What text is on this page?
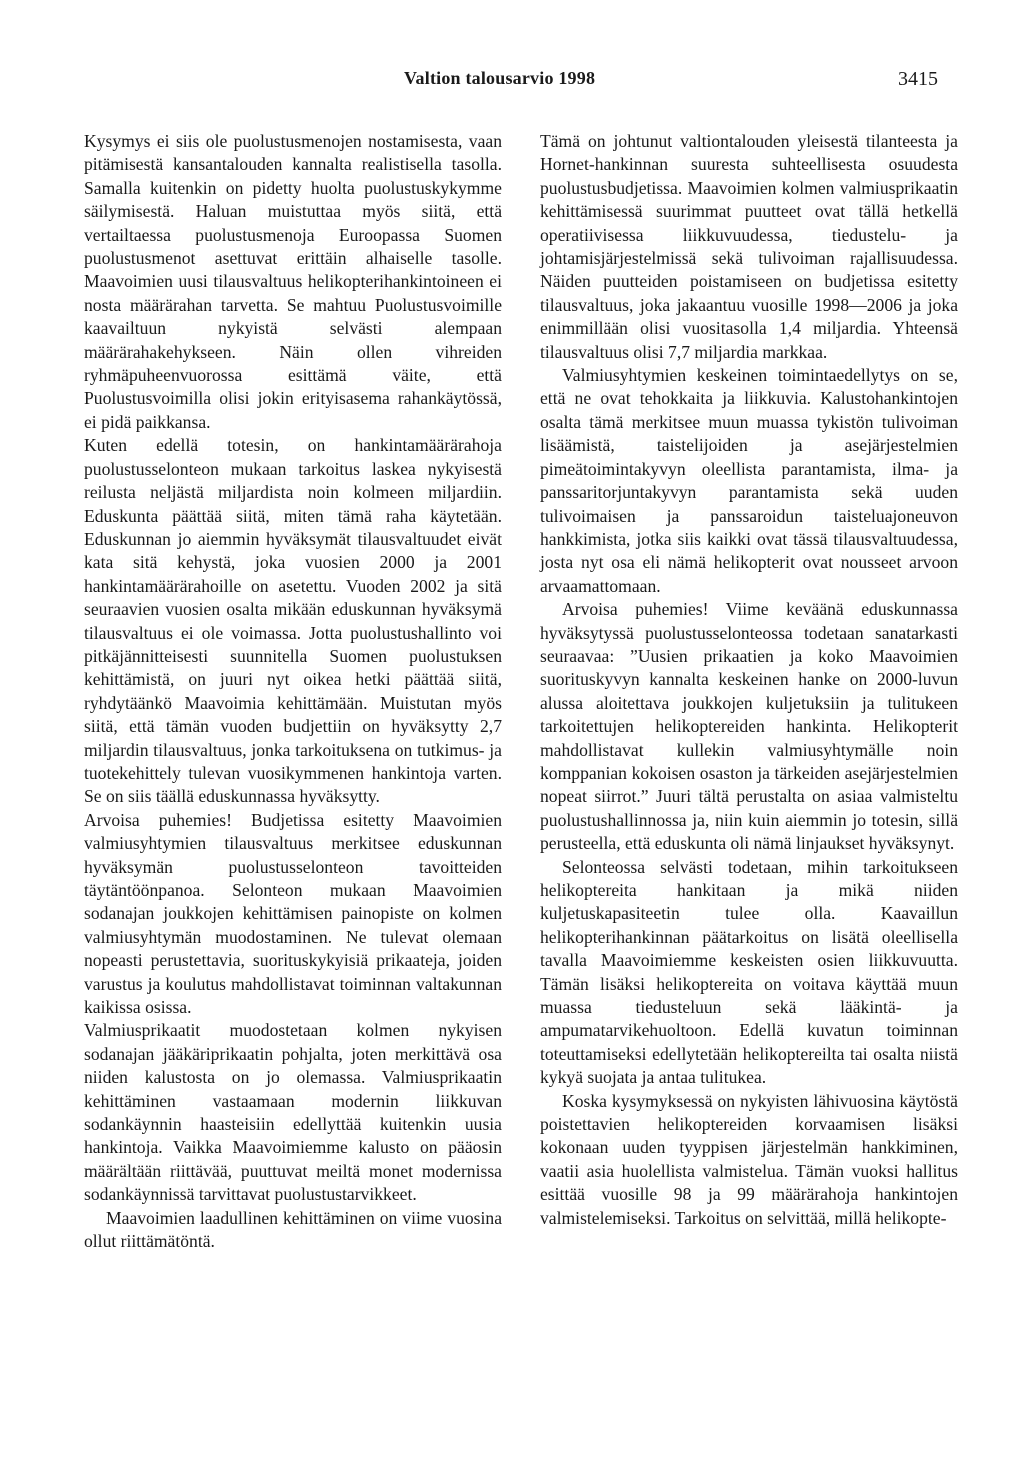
Valtion talousarvio 1998	3415

Kysymys ei siis ole puolustusmenojen nostamisesta, vaan pitämisestä kansantalouden kannalta realistisella tasolla. Samalla kuitenkin on pidetty huolta puolustuskykymme säilymisestä. Haluan muistuttaa myös siitä, että vertailtaessa puolustusmenoja Euroopassa Suomen puolustusmenot asettuvat erittäin alhaiselle tasolle. Maavoimien uusi tilausvaltuus helikopterihankintoineen ei nosta määrärahan tarvetta. Se mahtuu Puolustusvoimille kaavailtuun nykyistä selvästi alempaan määrärahakehykseen. Näin ollen vihreiden ryhmäpuheenvuorossa esittämä väite, että Puolustusvoimilla olisi jokin erityisasema rahankäytössä, ei pidä paikkansa.

Kuten edellä totesin, on hankintamäärärahoja puolustusselonteon mukaan tarkoitus laskea nykyisestä reilusta neljästä miljardista noin kolmeen miljardiin. Eduskunta päättää siitä, miten tämä raha käytetään. Eduskunnan jo aiemmin hyväksymät tilausvaltuudet eivät kata sitä kehystä, joka vuosien 2000 ja 2001 hankintamäärärahoille on asetettu. Vuoden 2002 ja sitä seuraavien vuosien osalta mikään eduskunnan hyväksymä tilausvaltuus ei ole voimassa. Jotta puolustushallinto voi pitkäjännitteisesti suunnitella Suomen puolustuksen kehittämistä, on juuri nyt oikea hetki päättää siitä, ryhdytäänkö Maavoimia kehittämään. Muistutan myös siitä, että tämän vuoden budjettiin on hyväksytty 2,7 miljardin tilausvaltuus, jonka tarkoituksena on tutkimus- ja tuotekehittely tulevan vuosikymmenen hankintoja varten. Se on siis täällä eduskunnassa hyväksytty.

Arvoisa puhemies! Budjetissa esitetty Maavoimien valmiusyhtymien tilausvaltuus merkitsee eduskunnan hyväksymän puolustusselonteon tavoitteiden täytäntöönpanoa. Selonteon mukaan Maavoimien sodanajan joukkojen kehittämisen painopiste on kolmen valmiusyhtymän muodostaminen. Ne tulevat olemaan nopeasti perustettavia, suorituskykyisiä prikaateja, joiden varustus ja koulutus mahdollistavat toiminnan valtakunnan kaikissa osissa.

Valmiusprikaatit muodostetaan kolmen nykyisen sodanajan jääkäriprikaatin pohjalta, joten merkittävä osa niiden kalustosta on jo olemassa. Valmiusprikaatin kehittäminen vastaamaan modernin liikkuvan sodankäynnin haasteisiin edellyttää kuitenkin uusia hankintoja. Vaikka Maavoimiemme kalusto on pääosin määrältään riittävää, puuttuvat meiltä monet modernissa sodankäynnissä tarvittavat puolustustarvikkeet.

Maavoimien laadullinen kehittäminen on viime vuosina ollut riittämätöntä.

Tämä on johtunut valtiontalouden yleisestä tilanteesta ja Hornet-hankinnan suuresta suhteellisesta osuudesta puolustusbudjetissa. Maavoimien kolmen valmiusprikaatin kehittämisessä suurimmat puutteet ovat tällä hetkellä operatiivisessa liikkuvuudessa, tiedustelu- ja johtamisjärjestelmissä sekä tulivoiman rajallisuudessa. Näiden puutteiden poistamiseen on budjetissa esitetty tilausvaltuus, joka jakaantuu vuosille 1998—2006 ja joka enimmillään olisi vuositasolla 1,4 miljardia. Yhteensä tilausvaltuus olisi 7,7 miljardia markkaa.

Valmiusyhtymien keskeinen toimintaedellytys on se, että ne ovat tehokkaita ja liikkuvia. Kalustohankintojen osalta tämä merkitsee muun muassa tykistön tulivoiman lisäämistä, taistelijoiden ja asejärjestelmien pimeätoimintakyvyn oleellista parantamista, ilma- ja panssaritorjuntakyvyn parantamista sekä uuden tulivoimaisen ja panssaroidun taisteluajoneuvon hankkimista, jotka siis kaikki ovat tässä tilausvaltuudessa, josta nyt osa eli nämä helikopterit ovat nousseet arvoon arvaamattomaan.

Arvoisa puhemies! Viime keväänä eduskunnassa hyväksytyssä puolustusselonteossa todetaan sanatarkasti seuraavaa: ”Uusien prikaatien ja koko Maavoimien suorituskyvyn kannalta keskeinen hanke on 2000-luvun alussa aloitettava joukkojen kuljetuksiin ja tulitukeen tarkoitettujen helikoptereiden hankinta. Helikopterit mahdollistavat kullekin valmiusyhtymälle noin komppanian kokoisen osaston ja tärkeiden asejärjestelmien nopeat siirrot.” Juuri tältä perustalta on asiaa valmisteltu puolustushallinnossa ja, niin kuin aiemmin jo totesin, sillä perusteella, että eduskunta oli nämä linjaukset hyväksynyt.

Selonteossa selvästi todetaan, mihin tarkoitukseen helikoptereita hankitaan ja mikä niiden kuljetuskapasiteetin tulee olla. Kaavaillun helikopterihankinnan päätarkoitus on lisätä oleellisella tavalla Maavoimiemme keskeisten osien liikkuvuutta. Tämän lisäksi helikoptereita on voitava käyttää muun muassa tiedusteluun sekä lääkintä- ja ampumatarvikehuoltoon. Edellä kuvatun toiminnan toteuttamiseksi edellytetään helikoptereilta tai osalta niistä kykyä suojata ja antaa tulitukea.

Koska kysymyksessä on nykyisten lähivuosina käytöstä poistettavien helikoptereiden korvaamisen lisäksi kokonaan uuden tyyppisen järjestelmän hankkiminen, vaatii asia huolellista valmistelua. Tämän vuoksi hallitus esittää vuosille 98 ja 99 määrärahoja hankintojen valmistelemiseksi. Tarkoitus on selvittää, millä helikopte-
